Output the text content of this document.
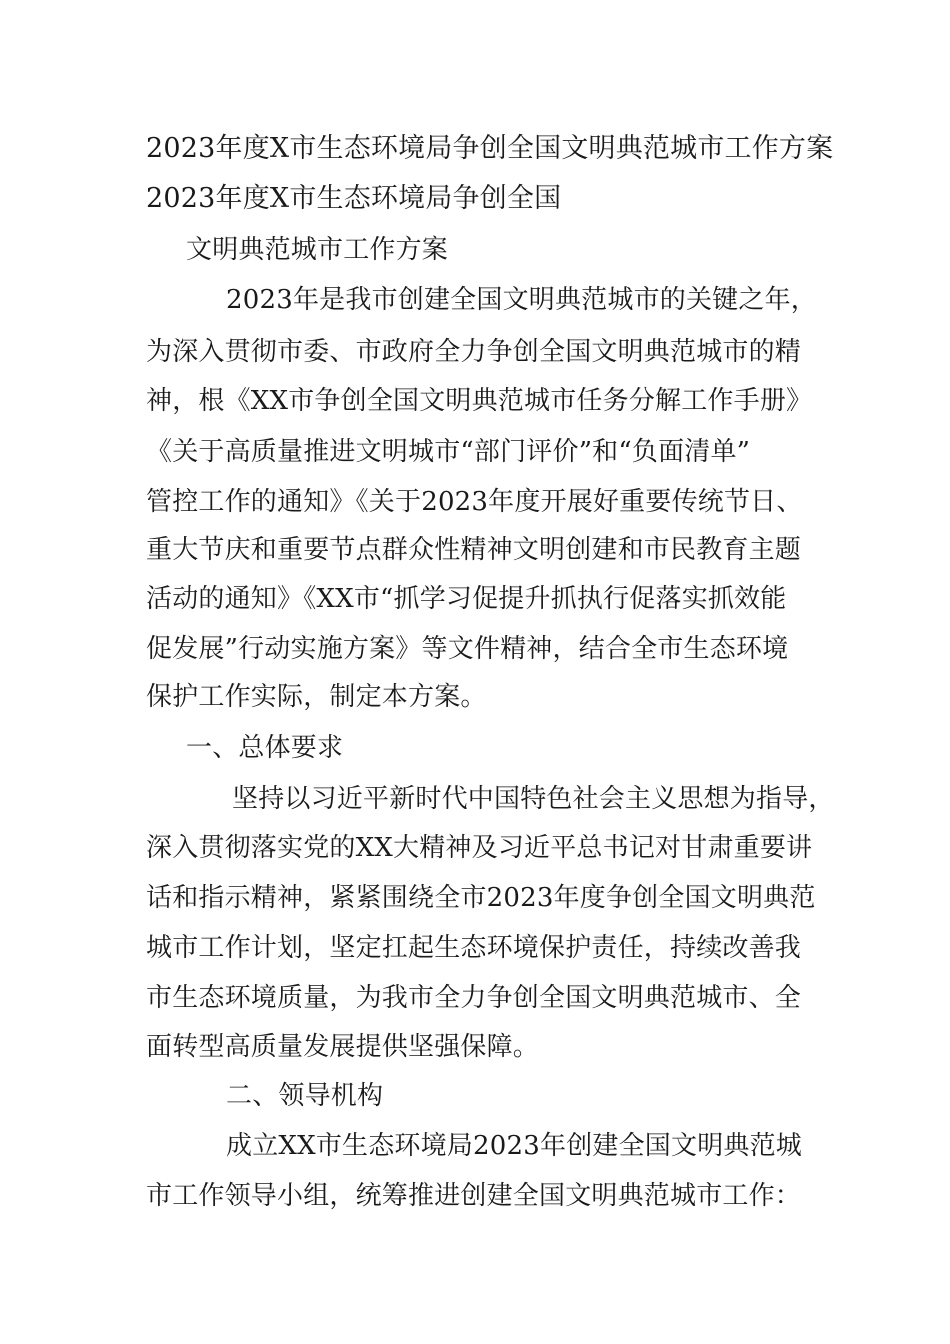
2023年度X市生态环境局争创全国文明典范城市工作方案
2023年度X市生态环境局争创全国
文明典范城市工作方案
2023年是我市创建全国文明典范城市的关键之年，
为深入贯彻市委、市政府全力争创全国文明典范城市的精
神，根《XX市争创全国文明典范城市任务分解工作手册》
《关于高质量推进文明城市“部门评价”和“负面清单”
管控工作的通知》《关于2023年度开展好重要传统节日、
重大节庆和重要节点群众性精神文明创建和市民教育主题
活动的通知》《XX市“抓学习促提升抓执行促落实抓效能
促发展”行动实施方案》等文件精神，结合全市生态环境
保护工作实际，制定本方案。
一、总体要求
坚持以习近平新时代中国特色社会主义思想为指导，
深入贯彻落实党的XX大精神及习近平总书记对甘肃重要讲
话和指示精神，紧紧围绕全市2023年度争创全国文明典范
城市工作计划，坚定扛起生态环境保护责任，持续改善我
市生态环境质量，为我市全力争创全国文明典范城市、全
面转型高质量发展提供坚强保障。
二、领导机构
成立XX市生态环境局2023年创建全国文明典范城
市工作领导小组，统筹推进创建全国文明典范城市工作：
